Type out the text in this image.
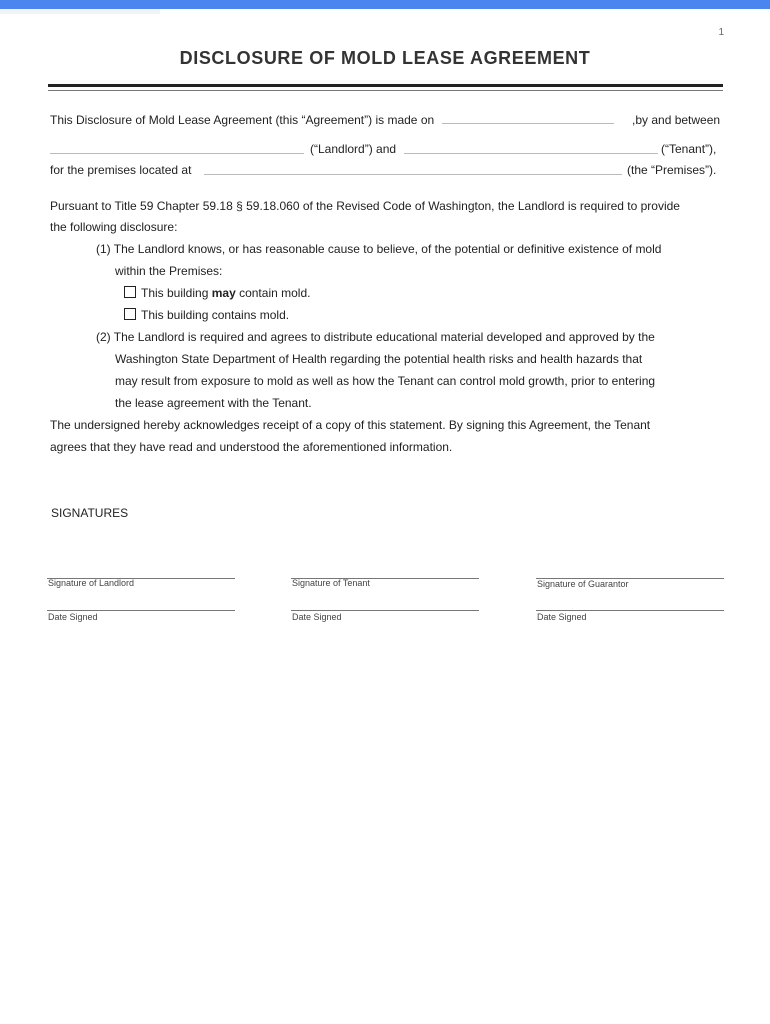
1
DISCLOSURE OF MOLD LEASE AGREEMENT
This Disclosure of Mold Lease Agreement (this “Agreement”) is made on	,by and between
(“Landlord”) and	(“Tenant”),
for the premises located at	(the “Premises”).
Pursuant to Title 59 Chapter 59.18 § 59.18.060 of the Revised Code of Washington, the Landlord is required to provide
the following disclosure:
(1) The Landlord knows, or has reasonable cause to believe, of the potential or definitive existence of mold
within the Premises:
This building may contain mold.
This building contains mold.
(2) The Landlord is required and agrees to distribute educational material developed and approved by the
Washington State Department of Health regarding the potential health risks and health hazards that
may result from exposure to mold as well as how the Tenant can control mold growth, prior to entering
the lease agreement with the Tenant.
The undersigned hereby acknowledges receipt of a copy of this statement. By signing this Agreement, the Tenant
agrees that they have read and understood the aforementioned information.
SIGNATURES
Signature of Landlord	Signature of Tenant	Signature of Guarantor
Date Signed	Date Signed	Date Signed
